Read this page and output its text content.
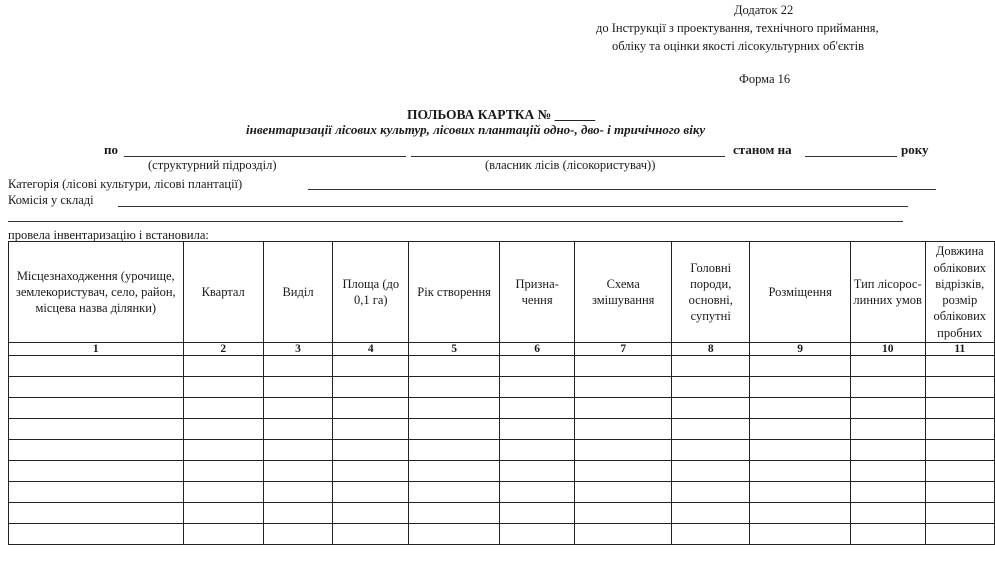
Додаток 22
до Інструкції з проектування, технічного приймання,
обліку та оцінки якості лісокультурних об'єктів
Форма 16
ПОЛЬОВА КАРТКА № ______
інвентаризації лісових культур, лісових плантацій одно-, дво- і тричічного віку
по	станом на	року
(структурний підрозділ)	(власник лісів (лісокористувач))
Категорія (лісові культури, лісові плантації)
Комісія у складі
провела інвентаризацію і встановила:
Місцезнаходження (урочище, землекористувач, село, район, місцева назва ділянки)	Квартал	Виділ	Площа (до 0,1 га)	Рік створення	Призна-чення	Схема змішування	Головні породи, основні, супутні	Розміщення	Тип лісорос-линних умов	Довжина облікових відрізків, розмір облікових пробних
1	2	3	4	5	6	7	8	9	10	11
